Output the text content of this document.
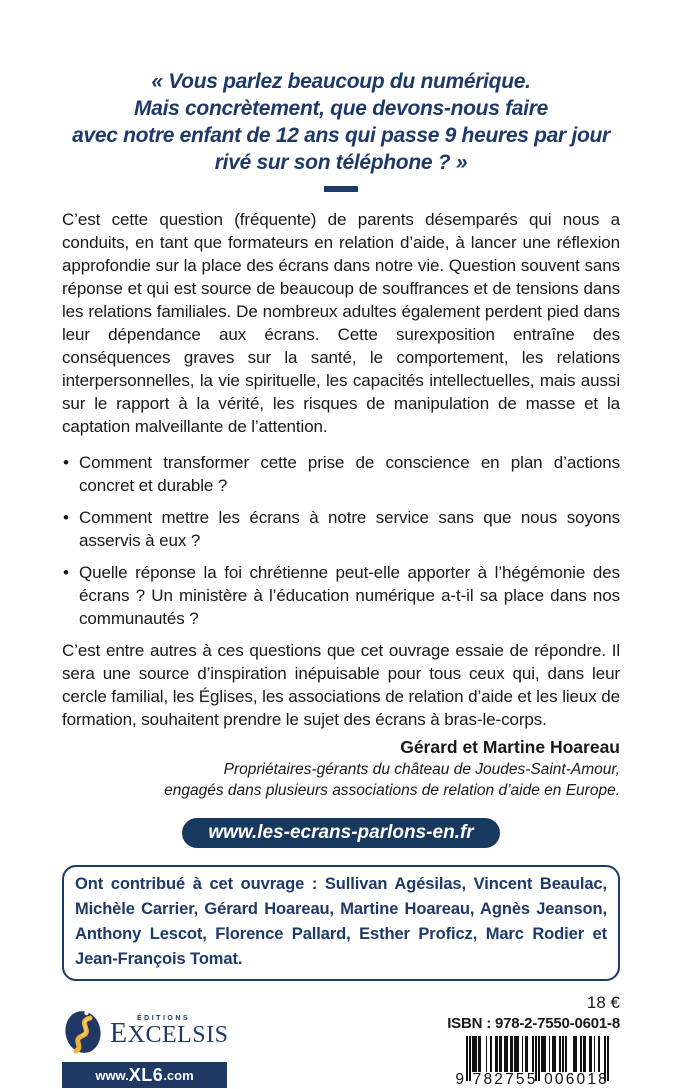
« Vous parlez beaucoup du numérique.
Mais concrètement, que devons-nous faire
avec notre enfant de 12 ans qui passe 9 heures par jour
rivé sur son téléphone ? »

C’est cette question (fréquente) de parents désemparés qui nous a conduits, en tant que formateurs en relation d’aide, à lancer une réflexion approfondie sur la place des écrans dans notre vie. Question souvent sans réponse et qui est source de beaucoup de souffrances et de tensions dans les relations familiales. De nombreux adultes également perdent pied dans leur dépendance aux écrans. Cette surexposition entraîne des conséquences graves sur la santé, le comportement, les relations interpersonnelles, la vie spirituelle, les capacités intellectuelles, mais aussi sur le rapport à la vérité, les risques de manipulation de masse et la captation malveillante de l’attention.

• Comment transformer cette prise de conscience en plan d’actions concret et durable ?
• Comment mettre les écrans à notre service sans que nous soyons asservis à eux ?
• Quelle réponse la foi chrétienne peut-elle apporter à l’hégémonie des écrans ? Un ministère à l’éducation numérique a-t-il sa place dans nos communautés ?

C’est entre autres à ces questions que cet ouvrage essaie de répondre. Il sera une source d’inspiration inépuisable pour tous ceux qui, dans leur cercle familial, les Églises, les associations de relation d’aide et les lieux de formation, souhaitent prendre le sujet des écrans à bras-le-corps.

Gérard et Martine Hoareau
Propriétaires-gérants du château de Joudes-Saint-Amour,
engagés dans plusieurs associations de relation d’aide en Europe.
www.les-ecrans-parlons-en.fr

Ont contribué à cet ouvrage : Sullivan Agésilas, Vincent Beaulac, Michèle Carrier, Gérard Hoareau, Martine Hoareau, Agnès Jeanson, Anthony Lescot, Florence Pallard, Esther Proficz, Marc Rodier et Jean-François Tomat.

ÉDITIONS
EXCELSIS
www. XL6 .com
18 €
ISBN : 978-2-7550-0601-8
9 782755 006018
